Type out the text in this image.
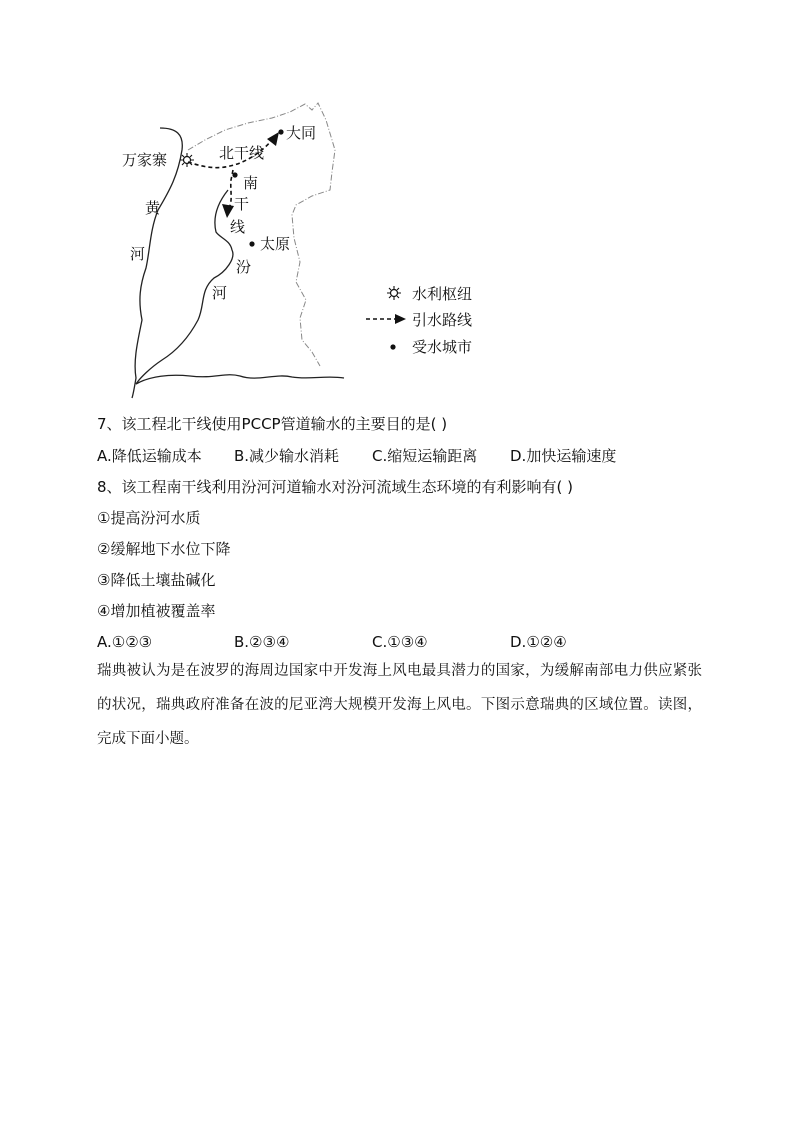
万家寨
大同
北干线
南
干
线
太原
黄
河
汾
河	水利枢纽
引水路线
受水城市
7、该工程北干线使用PCCP管道输水的主要目的是( )
A.降低运输成本 B.减少输水消耗 C.缩短运输距离 D.加快运输速度
8、该工程南干线利用汾河河道输水对汾河流域生态环境的有利影响有( )
①提高汾河水质
②缓解地下水位下降
③降低土壤盐碱化
④增加植被覆盖率
A.①②③	B.②③④	C.①③④	D.①②④
瑞典被认为是在波罗的海周边国家中开发海上风电最具潜力的国家，为缓解南部电力供应紧张的状况，瑞典政府准备在波的尼亚湾大规模开发海上风电。下图示意瑞典的区域位置。读图，完成下面小题。
